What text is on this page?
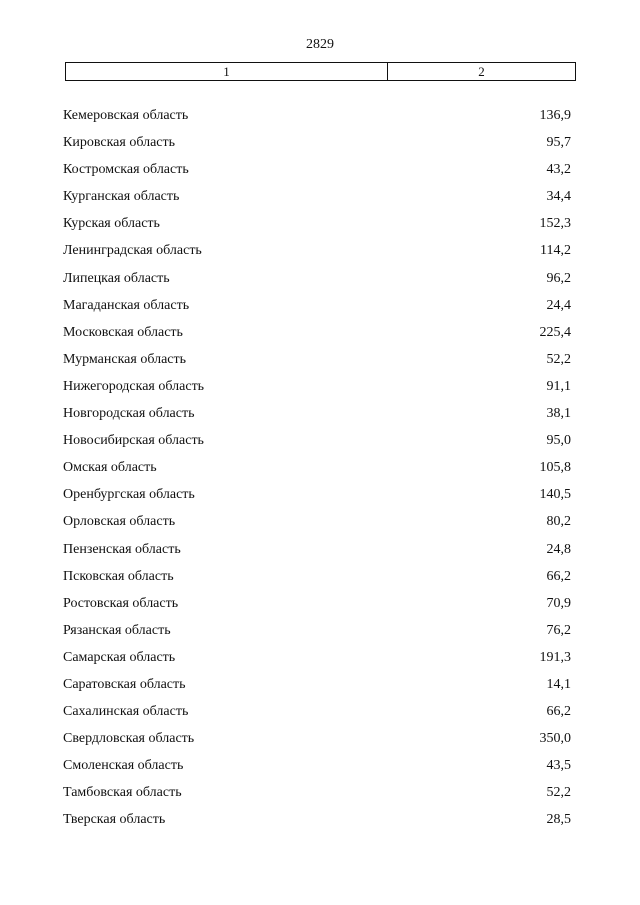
2829
1	2
Кемеровская область	136,9
Кировская область	95,7
Костромская область	43,2
Курганская область	34,4
Курская область	152,3
Ленинградская область	114,2
Липецкая область	96,2
Магаданская область	24,4
Московская область	225,4
Мурманская область	52,2
Нижегородская область	91,1
Новгородская область	38,1
Новосибирская область	95,0
Омская область	105,8
Оренбургская область	140,5
Орловская область	80,2
Пензенская область	24,8
Псковская область	66,2
Ростовская область	70,9
Рязанская область	76,2
Самарская область	191,3
Саратовская область	14,1
Сахалинская область	66,2
Свердловская область	350,0
Смоленская область	43,5
Тамбовская область	52,2
Тверская область	28,5
